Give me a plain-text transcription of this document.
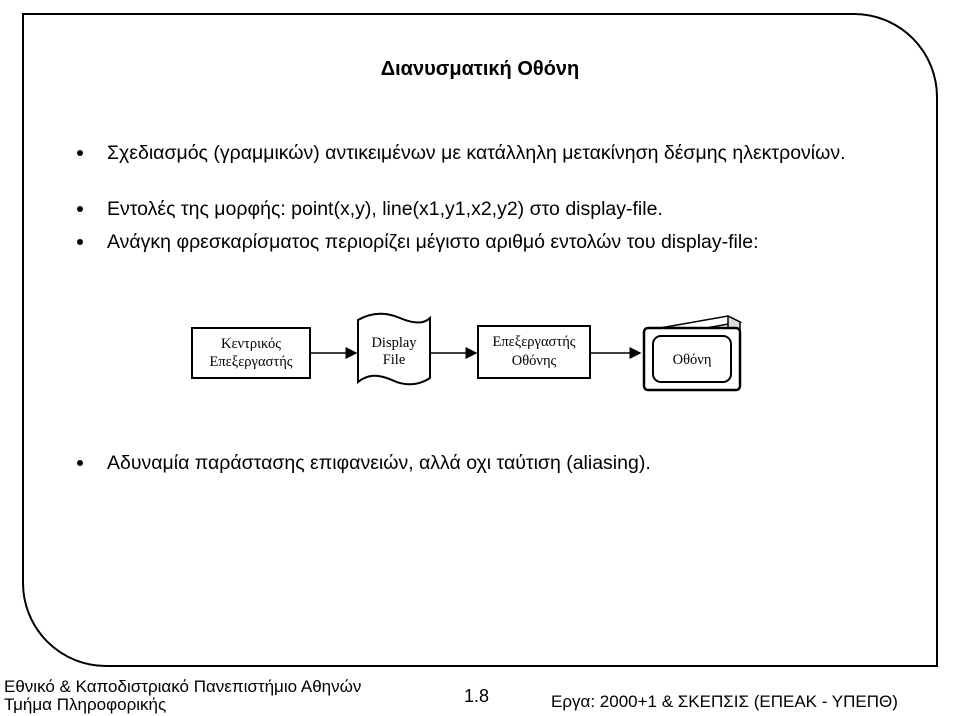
Διανυσματική Οθόνη
Σχεδιασμός (γραμμικών) αντικειμένων με κατάλληλη μετακίνηση δέσμης ηλεκτρονίων.
Εντολές της μορφής: point(x,y), line(x1,y1,x2,y2) στο display-file.
Ανάγκη φρεσκαρίσματος περιορίζει μέγιστο αριθμό εντολών του display-file:
Αδυναμία παράστασης επιφανειών, αλλά οχι ταύτιση (aliasing).
Κεντρικός
Επεξεργαστής
Display
File
Επεξεργαστής
Οθόνης	Οθόνη
Εθνικό & Καποδιστριακό Πανεπιστήμιο Αθηνών
Τμήμα Πληροφορικής	1.8	Εργα: 2000+1 & ΣΚΕΠΣΙΣ (ΕΠΕΑΚ - ΥΠΕΠΘ)
